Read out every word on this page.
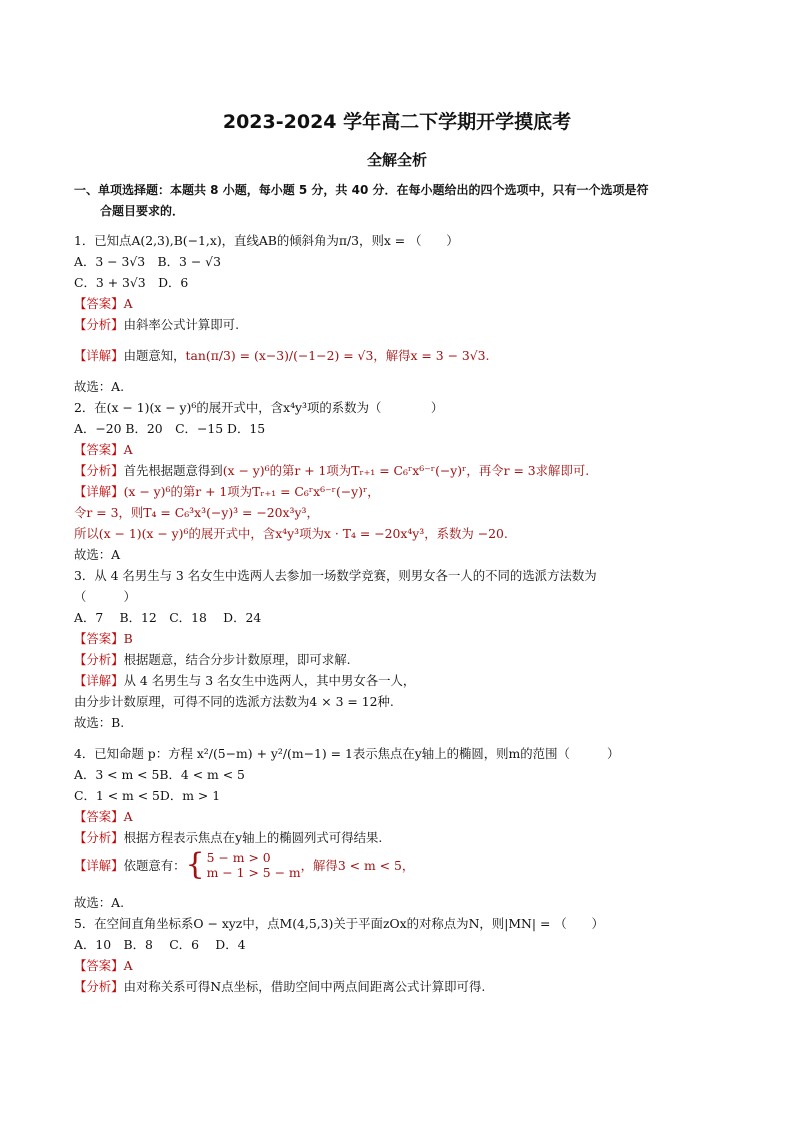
2023-2024 学年高二下学期开学摸底考
全解全析
一、单项选择题：本题共 8 小题，每小题 5 分，共 40 分．在每小题给出的四个选项中，只有一个选项是符
合题目要求的．
1．已知点A(2,3),B(−1,x)，直线AB的倾斜角为π/3，则x = （　　）
A．3 − 3√3　B．3 − √3
C．3 + 3√3　D．6
【答案】A
【分析】由斜率公式计算即可.
【详解】由题意知，tan(π/3) = (x−3)/(−1−2) = √3，解得x = 3 − 3√3.
故选：A.
2．在(x − 1)(x − y)⁶的展开式中，含x⁴y³项的系数为（　　　　）
A．−20 B．20　C．−15 D．15
【答案】A
【分析】首先根据题意得到(x − y)⁶的第r + 1项为Tᵣ₊₁ = C₆ʳx⁶⁻ʳ(−y)ʳ，再令r = 3求解即可.
【详解】(x − y)⁶的第r + 1项为Tᵣ₊₁ = C₆ʳx⁶⁻ʳ(−y)ʳ，
令r = 3，则T₄ = C₆³x³(−y)³ = −20x³y³，
所以(x − 1)(x − y)⁶的展开式中，含x⁴y³项为x · T₄ = −20x⁴y³，系数为 −20.
故选：A
3．从 4 名男生与 3 名女生中选两人去参加一场数学竞赛，则男女各一人的不同的选派方法数为
（　　　）
A．7　 B．12　C．18　 D．24
【答案】B
【分析】根据题意，结合分步计数原理，即可求解.
【详解】从 4 名男生与 3 名女生中选两人，其中男女各一人，
由分步计数原理，可得不同的选派方法数为4 × 3 = 12种.
故选：B.
4．已知命题 p：方程 x²/(5−m) + y²/(m−1) = 1表示焦点在y轴上的椭圆，则m的范围（　　　）
A．3 < m < 5B．4 < m < 5
C．1 < m < 5D．m > 1
【答案】A
【分析】根据方程表示焦点在y轴上的椭圆列式可得结果.
【详解】 依题意有： { 5 − m > 0
m − 1 > 5 − m ，解得3 < m < 5，
故选：A.
5．在空间直角坐标系O − xyz中，点M(4,5,3)关于平面zOx的对称点为N，则|MN| = （　　）
A．10　B．8　 C．6　 D．4
【答案】A
【分析】由对称关系可得N点坐标，借助空间中两点间距离公式计算即可得.
